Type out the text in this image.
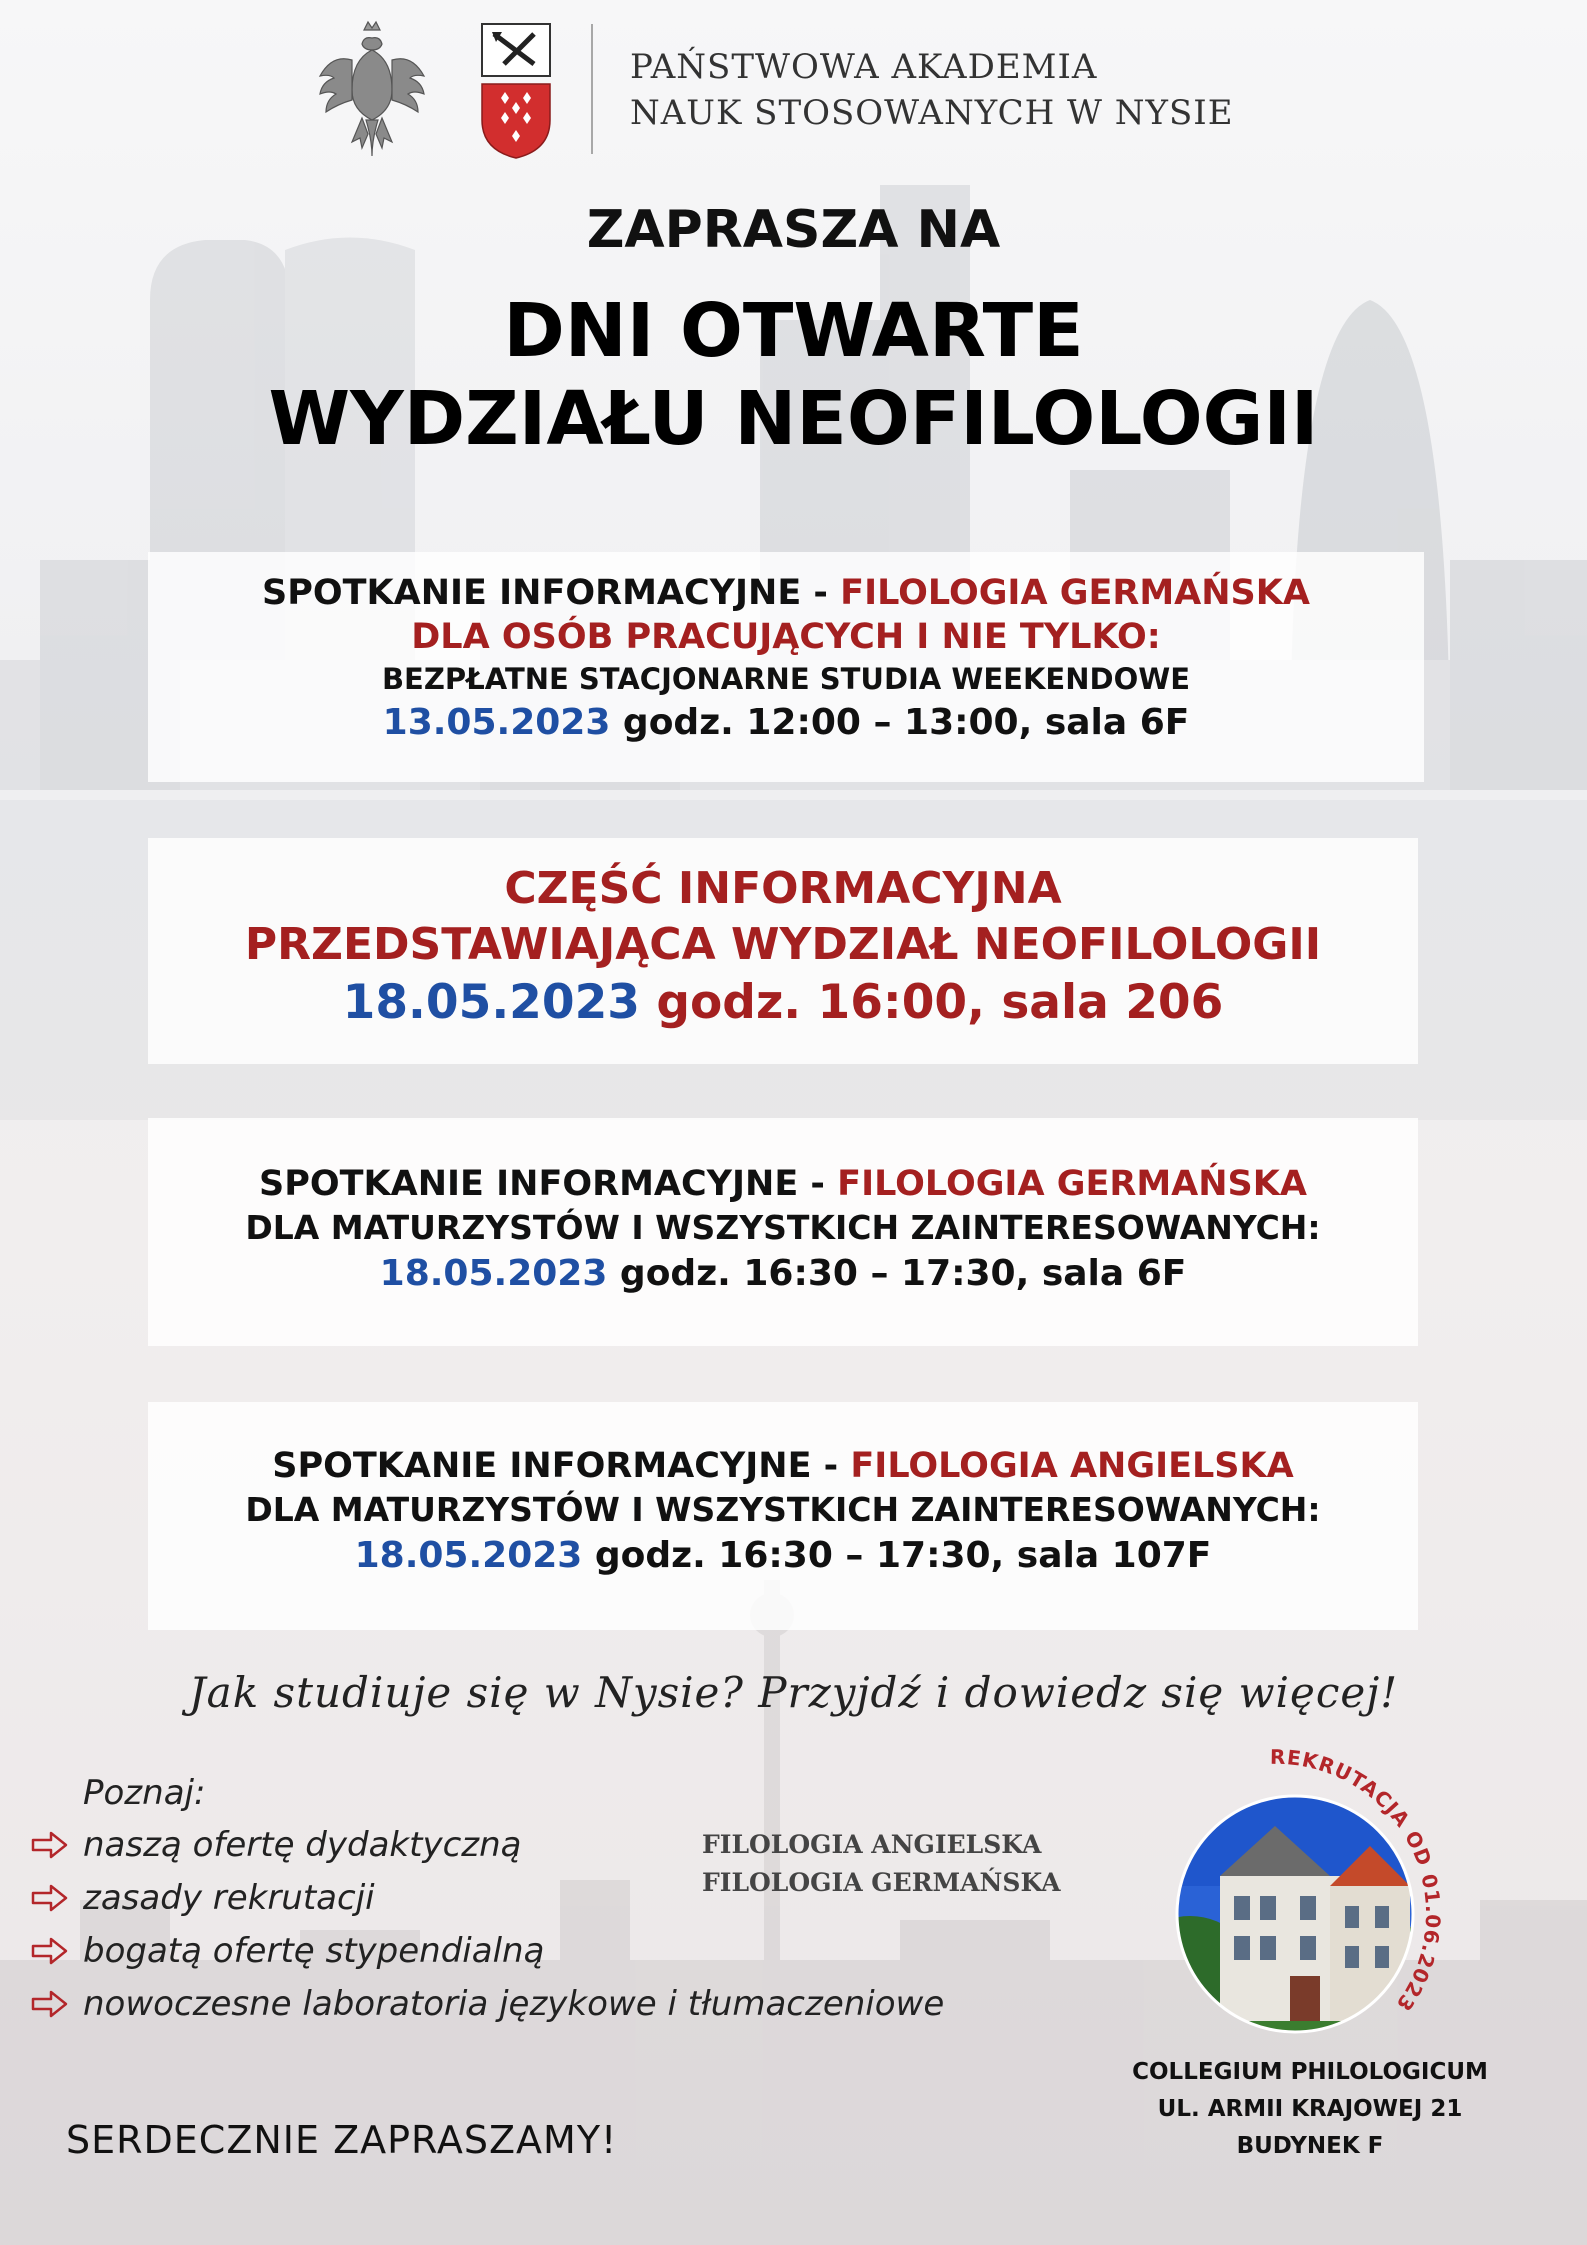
PAŃSTWOWA AKADEMIA
NAUK STOSOWANYCH W NYSIE
ZAPRASZA NA
DNI OTWARTE
WYDZIAŁU NEOFILOLOGII
SPOTKANIE INFORMACYJNE - FILOLOGIA GERMAŃSKA
DLA OSÓB PRACUJĄCYCH I NIE TYLKO:
BEZPŁATNE STACJONARNE STUDIA WEEKENDOWE
13.05.2023 godz. 12:00 – 13:00, sala 6F
CZĘŚĆ INFORMACYJNA
PRZEDSTAWIAJĄCA WYDZIAŁ NEOFILOLOGII
18.05.2023 godz. 16:00, sala 206
SPOTKANIE INFORMACYJNE - FILOLOGIA GERMAŃSKA
DLA MATURZYSTÓW I WSZYSTKICH ZAINTERESOWANYCH:
18.05.2023 godz. 16:30 – 17:30, sala 6F
SPOTKANIE INFORMACYJNE - FILOLOGIA ANGIELSKA
DLA MATURZYSTÓW I WSZYSTKICH ZAINTERESOWANYCH:
18.05.2023 godz. 16:30 – 17:30, sala 107F
Jak studiuje się w Nysie? Przyjdź i dowiedz się więcej!
Poznaj:
naszą ofertę dydaktyczną
zasady rekrutacji
bogatą ofertę stypendialną
nowoczesne laboratoria językowe i tłumaczeniowe
FILOLOGIA ANGIELSKA
FILOLOGIA GERMAŃSKA
REKRUTACJA OD 01.06.2023
COLLEGIUM PHILOLOGICUM
UL. ARMII KRAJOWEJ 21
BUDYNEK F
SERDECZNIE ZAPRASZAMY!
